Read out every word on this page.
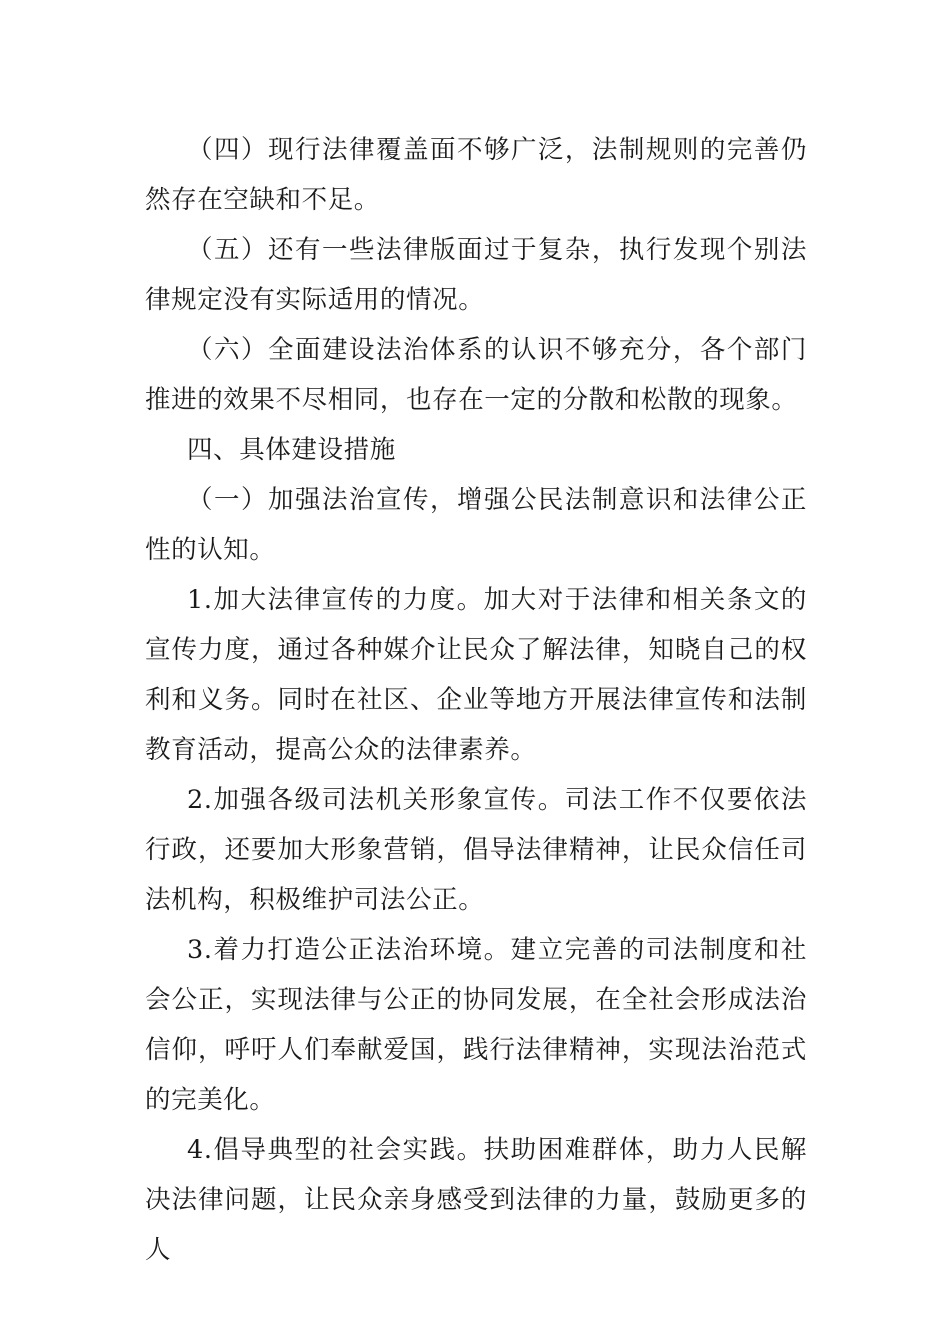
（四）现行法律覆盖面不够广泛，法制规则的完善仍然存在空缺和不足。

（五）还有一些法律版面过于复杂，执行发现个别法律规定没有实际适用的情况。

（六）全面建设法治体系的认识不够充分，各个部门推进的效果不尽相同，也存在一定的分散和松散的现象。

四、具体建设措施

（一）加强法治宣传，增强公民法制意识和法律公正性的认知。

1.加大法律宣传的力度。加大对于法律和相关条文的宣传力度，通过各种媒介让民众了解法律，知晓自己的权利和义务。同时在社区、企业等地方开展法律宣传和法制教育活动，提高公众的法律素养。

2.加强各级司法机关形象宣传。司法工作不仅要依法行政，还要加大形象营销，倡导法律精神，让民众信任司法机构，积极维护司法公正。

3.着力打造公正法治环境。建立完善的司法制度和社会公正，实现法律与公正的协同发展，在全社会形成法治信仰，呼吁人们奉献爱国，践行法律精神，实现法治范式的完美化。

4.倡导典型的社会实践。扶助困难群体，助力人民解决法律问题，让民众亲身感受到法律的力量，鼓励更多的人
